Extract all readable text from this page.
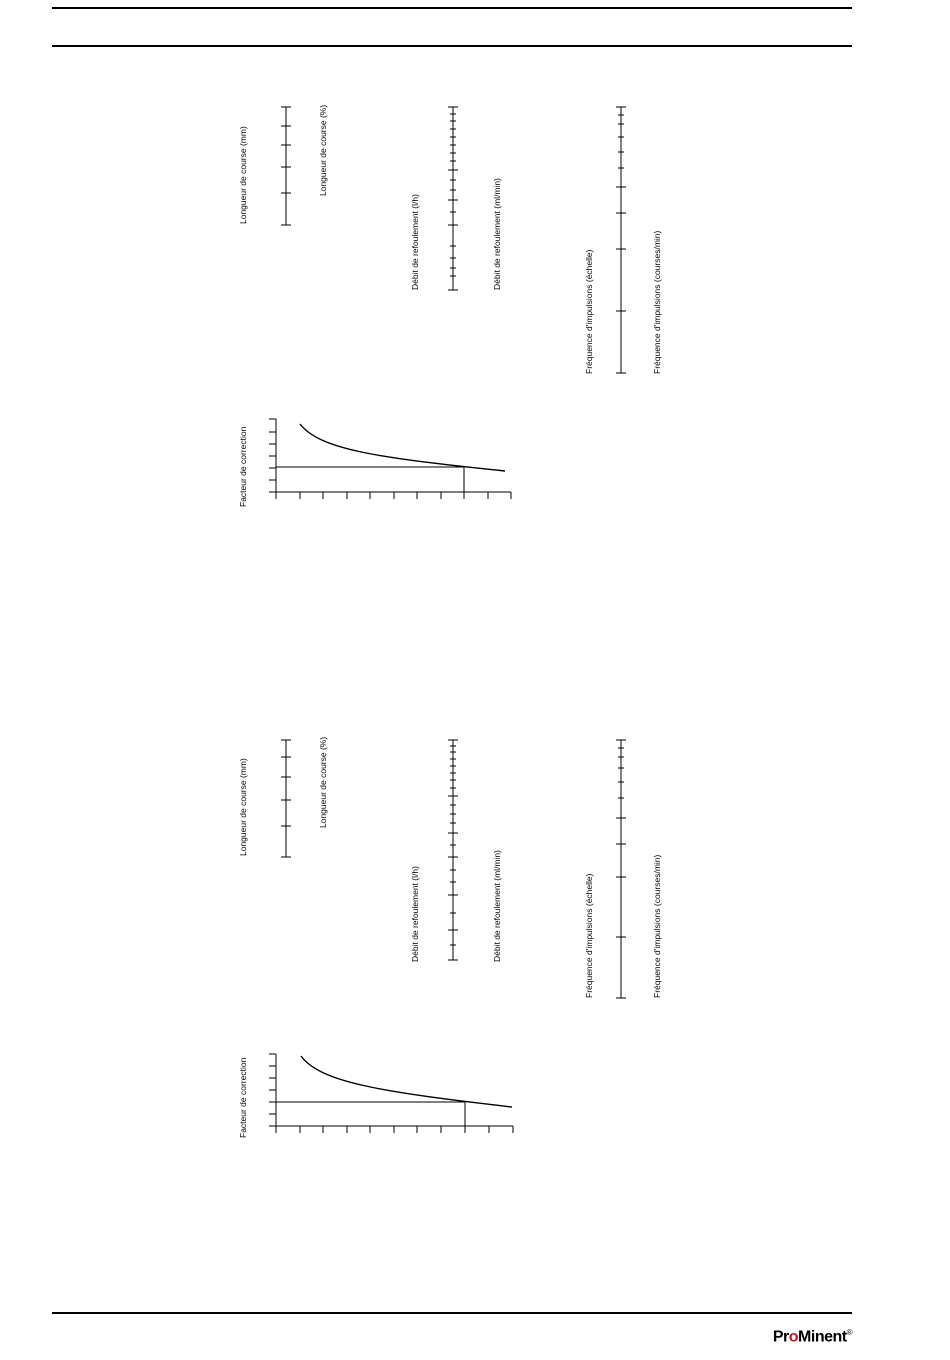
Longueur de course (mm)	Longueur de course (%)
Débit de refoulement (l/h)	Débit de refoulement (ml/min)
Fréquence d'impulsions (échelle)	Fréquence d'impulsions (courses/min)
Facteur de correction
Longueur de course (mm)	Longueur de course (%)
Débit de refoulement (l/h)	Débit de refoulement (ml/min)	Fréquence d'impulsions (échelle)	Fréquence d'impulsions (courses/min)
Facteur de correction
ProMinent®
